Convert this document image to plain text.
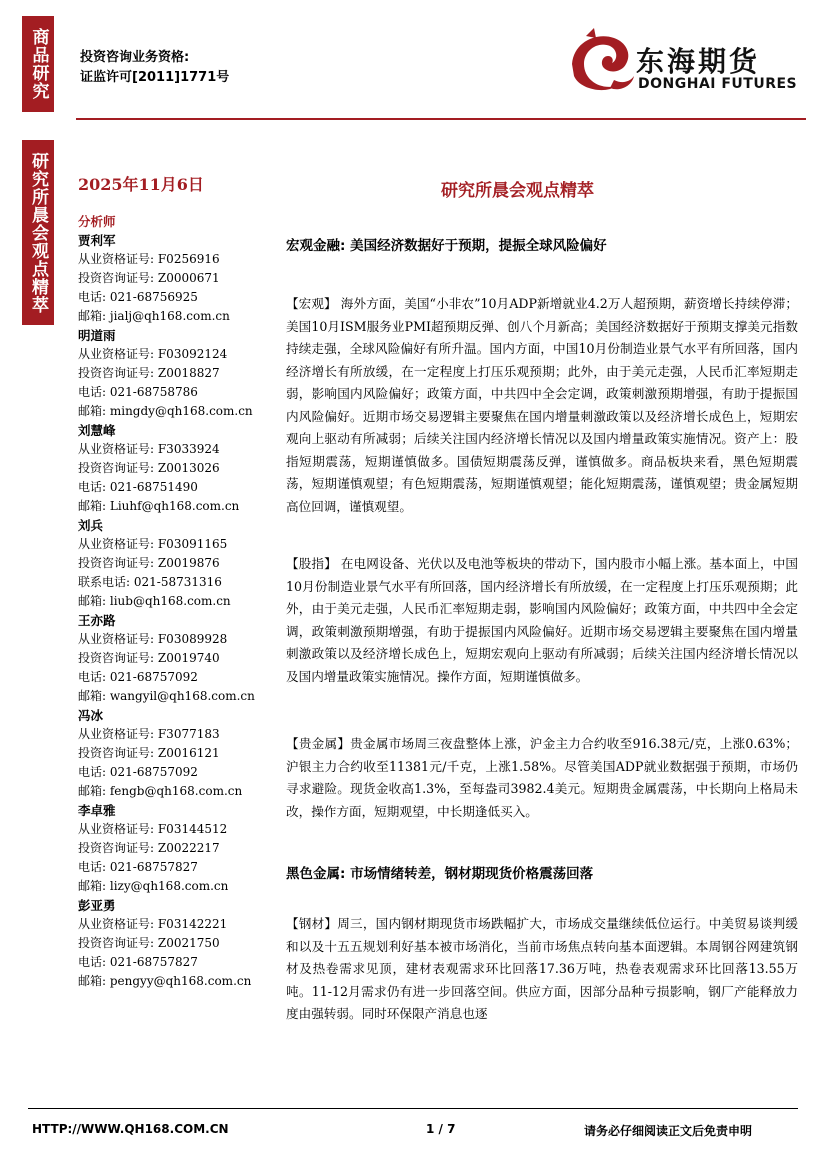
商品研究
研究所晨会观点精萃
投资咨询业务资格:
证监许可[2011]1771号	东海期货
DONGHAI FUTURES
2025年11月6日	研究所晨会观点精萃
分析师
贾利军
从业资格证号: F0256916
投资咨询证号: Z0000671
电话: 021-68756925
邮箱: jialj@qh168.com.cn
明道雨
从业资格证号: F03092124
投资咨询证号: Z0018827
电话: 021-68758786
邮箱: mingdy@qh168.com.cn
刘慧峰
从业资格证号: F3033924
投资咨询证号: Z0013026
电话: 021-68751490
邮箱: Liuhf@qh168.com.cn
刘兵
从业资格证号: F03091165
投资咨询证号: Z0019876
联系电话: 021-58731316
邮箱: liub@qh168.com.cn
王亦路
从业资格证号: F03089928
投资咨询证号: Z0019740
电话: 021-68757092
邮箱: wangyil@qh168.com.cn
冯冰
从业资格证号: F3077183
投资咨询证号: Z0016121
电话: 021-68757092
邮箱: fengb@qh168.com.cn
李卓雅
从业资格证号: F03144512
投资咨询证号: Z0022217
电话: 021-68757827
邮箱: lizy@qh168.com.cn
彭亚勇
从业资格证号: F03142221
投资咨询证号: Z0021750
电话: 021-68757827
邮箱: pengyy@qh168.com.cn
宏观金融: 美国经济数据好于预期，提振全球风险偏好
【宏观】 海外方面，美国“小非农”10月ADP新增就业4.2万人超预期，薪资增长持续停滞；美国10月ISM服务业PMI超预期反弹、创八个月新高；美国经济数据好于预期支撑美元指数持续走强，全球风险偏好有所升温。国内方面，中国10月份制造业景气水平有所回落，国内经济增长有所放缓，在一定程度上打压乐观预期；此外，由于美元走强，人民币汇率短期走弱，影响国内风险偏好；政策方面，中共四中全会定调，政策刺激预期增强，有助于提振国内风险偏好。近期市场交易逻辑主要聚焦在国内增量刺激政策以及经济增长成色上，短期宏观向上驱动有所减弱；后续关注国内经济增长情况以及国内增量政策实施情况。资产上：股指短期震荡，短期谨慎做多。国债短期震荡反弹，谨慎做多。商品板块来看，黑色短期震荡，短期谨慎观望；有色短期震荡，短期谨慎观望；能化短期震荡，谨慎观望；贵金属短期高位回调，谨慎观望。
【股指】 在电网设备、光伏以及电池等板块的带动下，国内股市小幅上涨。基本面上，中国10月份制造业景气水平有所回落，国内经济增长有所放缓，在一定程度上打压乐观预期；此外，由于美元走强，人民币汇率短期走弱，影响国内风险偏好；政策方面，中共四中全会定调，政策刺激预期增强，有助于提振国内风险偏好。近期市场交易逻辑主要聚焦在国内增量刺激政策以及经济增长成色上，短期宏观向上驱动有所减弱；后续关注国内经济增长情况以及国内增量政策实施情况。操作方面，短期谨慎做多。
【贵金属】贵金属市场周三夜盘整体上涨，沪金主力合约收至916.38元/克，上涨0.63%；沪银主力合约收至11381元/千克，上涨1.58%。尽管美国ADP就业数据强于预期，市场仍寻求避险。现货金收高1.3%，至每盎司3982.4美元。短期贵金属震荡，中长期向上格局未改，操作方面，短期观望，中长期逢低买入。
黑色金属: 市场情绪转差，钢材期现货价格震荡回落
【钢材】周三，国内钢材期现货市场跌幅扩大，市场成交量继续低位运行。中美贸易谈判缓和以及十五五规划利好基本被市场消化，当前市场焦点转向基本面逻辑。本周钢谷网建筑钢材及热卷需求见顶，建材表观需求环比回落17.36万吨，热卷表观需求环比回落13.55万吨。11-12月需求仍有进一步回落空间。供应方面，因部分品种亏损影响，钢厂产能释放力度由强转弱。同时环保限产消息也逐
HTTP://WWW.QH168.COM.CN	1 / 7	请务必仔细阅读正文后免责申明
